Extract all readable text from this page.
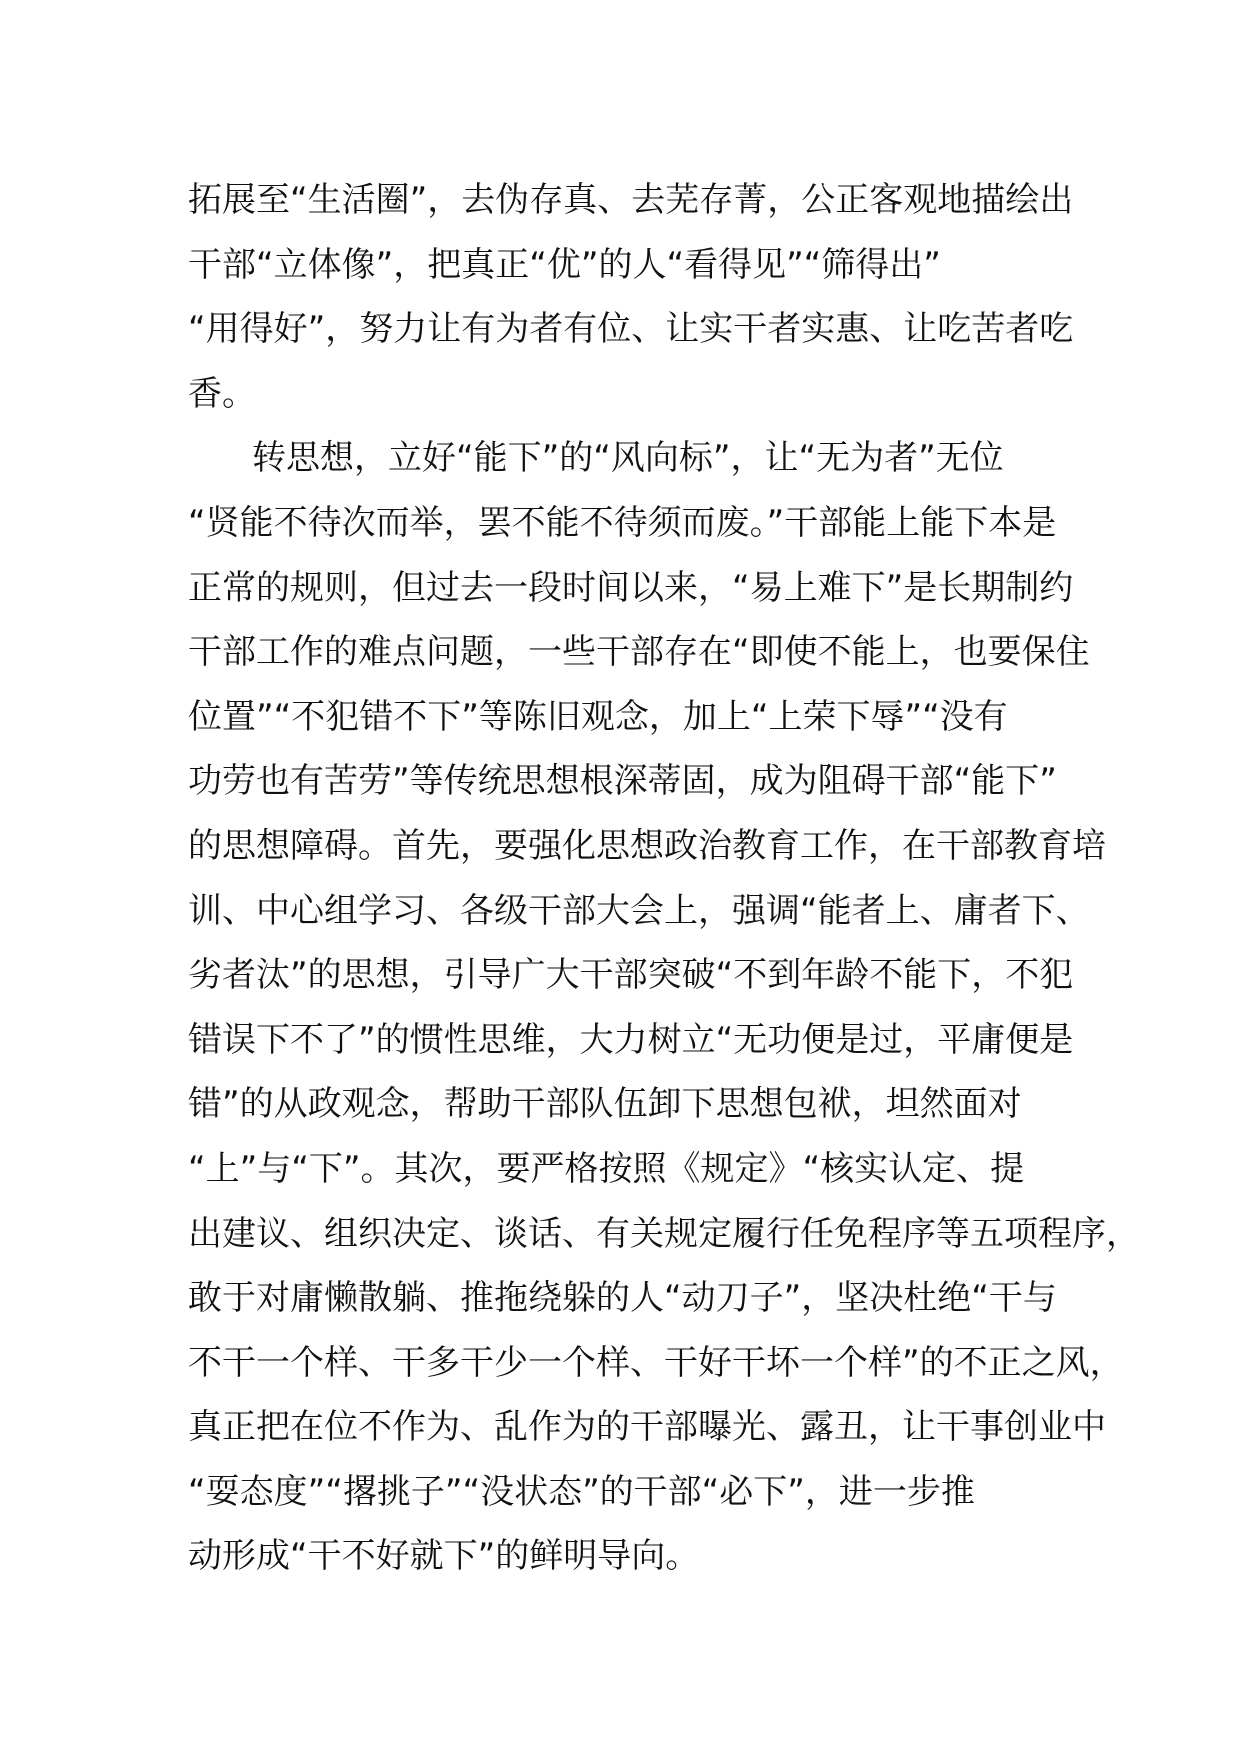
拓展至“生活圈”，去伪存真、去芜存菁，公正客观地描绘出
干部“立体像”，把真正“优”的人“看得见”“筛得出”
“用得好”，努力让有为者有位、让实干者实惠、让吃苦者吃
香。
转思想，立好“能下”的“风向标”，让“无为者”无位
“贤能不待次而举，罢不能不待须而废。”干部能上能下本是
正常的规则，但过去一段时间以来，“易上难下”是长期制约
干部工作的难点问题，一些干部存在“即使不能上，也要保住
位置”“不犯错不下”等陈旧观念，加上“上荣下辱”“没有
功劳也有苦劳”等传统思想根深蒂固，成为阻碍干部“能下”
的思想障碍。首先，要强化思想政治教育工作，在干部教育培
训、中心组学习、各级干部大会上，强调“能者上、庸者下、
劣者汰”的思想，引导广大干部突破“不到年龄不能下，不犯
错误下不了”的惯性思维，大力树立“无功便是过，平庸便是
错”的从政观念，帮助干部队伍卸下思想包袱，坦然面对
“上”与“下”。其次，要严格按照《规定》“核实认定、提
出建议、组织决定、谈话、有关规定履行任免程序等五项程序，
敢于对庸懒散躺、推拖绕躲的人“动刀子”，坚决杜绝“干与
不干一个样、干多干少一个样、干好干坏一个样”的不正之风，
真正把在位不作为、乱作为的干部曝光、露丑，让干事创业中
“耍态度”“撂挑子”“没状态”的干部“必下”，进一步推
动形成“干不好就下”的鲜明导向。
